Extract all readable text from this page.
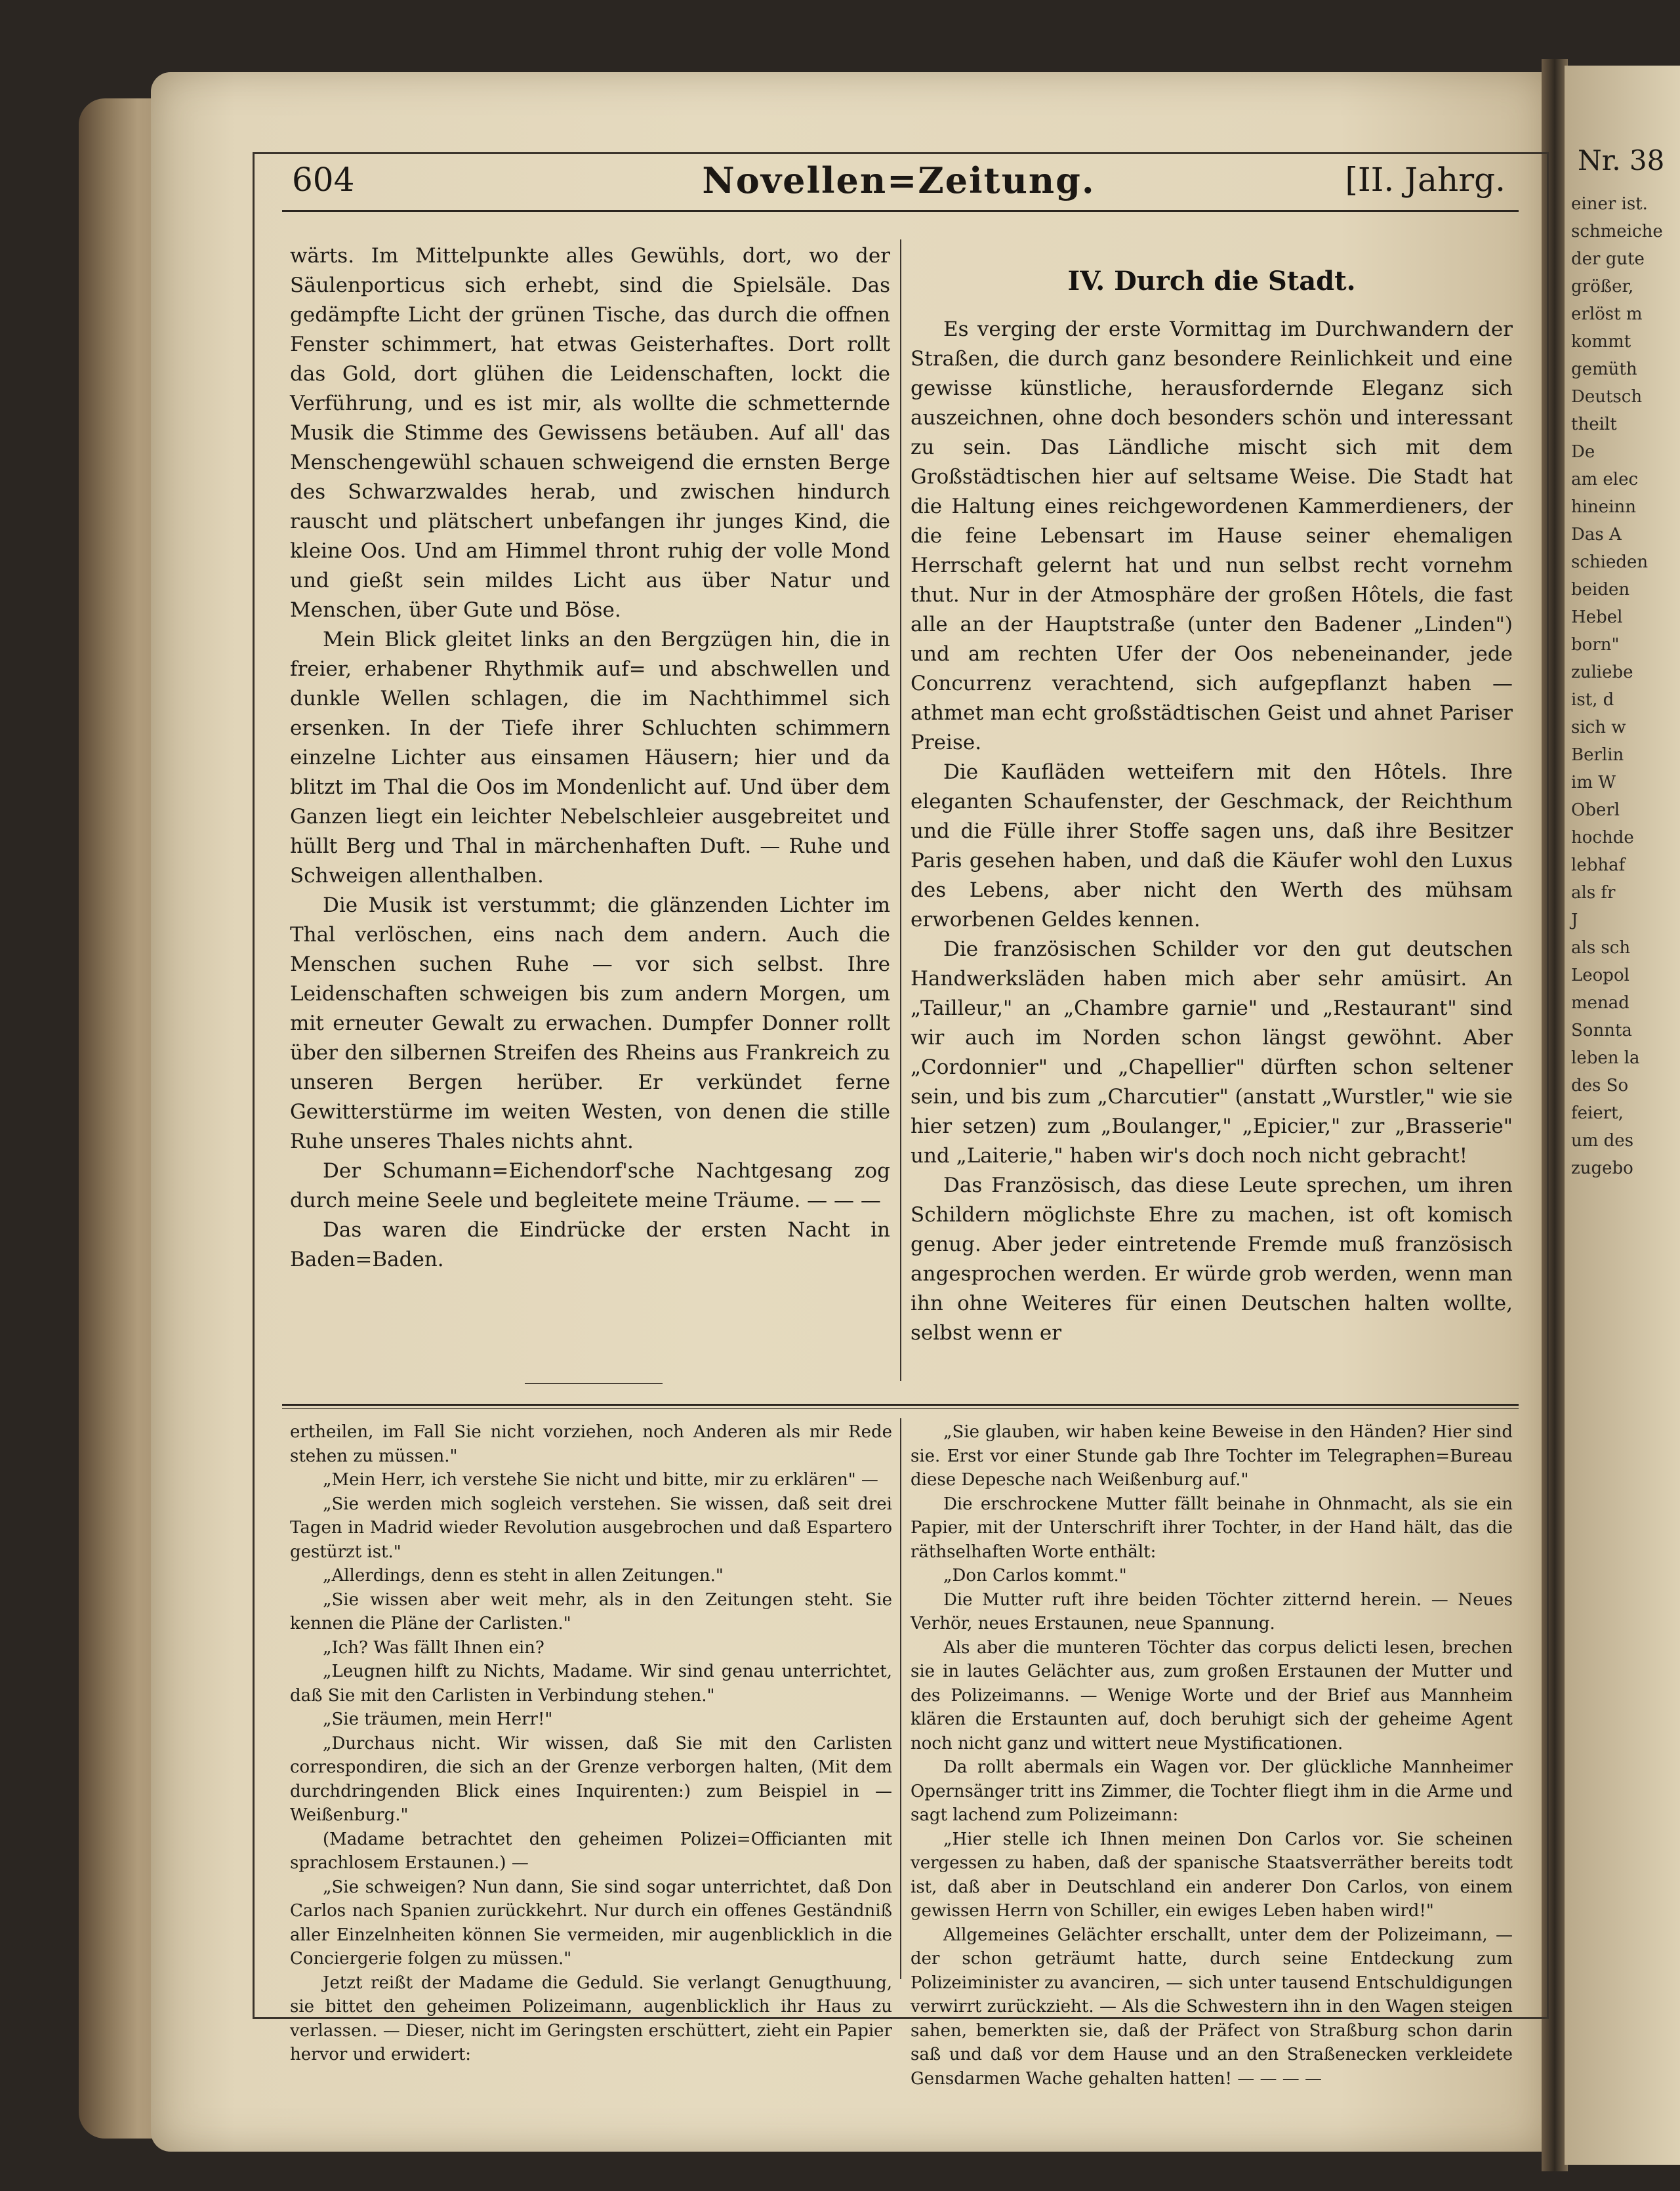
Nr. 38
einer ist.
schmeiche
der gute
größer,
erlöst m
kommt
gemüth
Deutsch
theilt
De
am elec
hineinn
Das A
schieden
beiden
Hebel
born"
zuliebe
ist, d
sich w
Berlin
im W
Oberl
hochde
lebhaf
als fr
J
als sch
Leopol
menad
Sonnta
leben la
des So
feiert,
um des
zugebo
604	Novellen=Zeitung.	[II. Jahrg.

wärts. Im Mittelpunkte alles Gewühls, dort, wo der Säulenporticus sich erhebt, sind die Spielsäle. Das gedämpfte Licht der grünen Tische, das durch die offnen Fenster schimmert, hat etwas Geisterhaftes. Dort rollt das Gold, dort glühen die Leidenschaften, lockt die Verführung, und es ist mir, als wollte die schmetternde Musik die Stimme des Gewissens betäuben. Auf all' das Menschengewühl schauen schweigend die ernsten Berge des Schwarzwaldes herab, und zwischen hindurch rauscht und plätschert unbefangen ihr junges Kind, die kleine Oos. Und am Himmel thront ruhig der volle Mond und gießt sein mildes Licht aus über Natur und Menschen, über Gute und Böse.

Mein Blick gleitet links an den Bergzügen hin, die in freier, erhabener Rhythmik auf= und abschwellen und dunkle Wellen schlagen, die im Nachthimmel sich ersenken. In der Tiefe ihrer Schluchten schimmern einzelne Lichter aus einsamen Häusern; hier und da blitzt im Thal die Oos im Mondenlicht auf. Und über dem Ganzen liegt ein leichter Nebelschleier ausgebreitet und hüllt Berg und Thal in märchenhaften Duft. — Ruhe und Schweigen allenthalben.

Die Musik ist verstummt; die glänzenden Lichter im Thal verlöschen, eins nach dem andern. Auch die Menschen suchen Ruhe — vor sich selbst. Ihre Leidenschaften schweigen bis zum andern Morgen, um mit erneuter Gewalt zu erwachen. Dumpfer Donner rollt über den silbernen Streifen des Rheins aus Frankreich zu unseren Bergen herüber. Er verkündet ferne Gewitterstürme im weiten Westen, von denen die stille Ruhe unseres Thales nichts ahnt.

Der Schumann=Eichendorf'sche Nachtgesang zog durch meine Seele und begleitete meine Träume. — — —

Das waren die Eindrücke der ersten Nacht in Baden=Baden.

IV. Durch die Stadt.

Es verging der erste Vormittag im Durchwandern der Straßen, die durch ganz besondere Reinlichkeit und eine gewisse künstliche, herausfordernde Eleganz sich auszeichnen, ohne doch besonders schön und interessant zu sein. Das Ländliche mischt sich mit dem Großstädtischen hier auf seltsame Weise. Die Stadt hat die Haltung eines reichgewordenen Kammerdieners, der die feine Lebensart im Hause seiner ehemaligen Herrschaft gelernt hat und nun selbst recht vornehm thut. Nur in der Atmosphäre der großen Hôtels, die fast alle an der Hauptstraße (unter den Badener „Linden") und am rechten Ufer der Oos nebeneinander, jede Concurrenz verachtend, sich aufgepflanzt haben — athmet man echt großstädtischen Geist und ahnet Pariser Preise.

Die Kaufläden wetteifern mit den Hôtels. Ihre eleganten Schaufenster, der Geschmack, der Reichthum und die Fülle ihrer Stoffe sagen uns, daß ihre Besitzer Paris gesehen haben, und daß die Käufer wohl den Luxus des Lebens, aber nicht den Werth des mühsam erworbenen Geldes kennen.

Die französischen Schilder vor den gut deutschen Handwerksläden haben mich aber sehr amüsirt. An „Tailleur," an „Chambre garnie" und „Restaurant" sind wir auch im Norden schon längst gewöhnt. Aber „Cordonnier" und „Chapellier" dürften schon seltener sein, und bis zum „Charcutier" (anstatt „Wurstler," wie sie hier setzen) zum „Boulanger," „Epicier," zur „Brasserie" und „Laiterie," haben wir's doch noch nicht gebracht!

Das Französisch, das diese Leute sprechen, um ihren Schildern möglichste Ehre zu machen, ist oft komisch genug. Aber jeder eintretende Fremde muß französisch angesprochen werden. Er würde grob werden, wenn man ihn ohne Weiteres für einen Deutschen halten wollte, selbst wenn er

ertheilen, im Fall Sie nicht vorziehen, noch Anderen als mir Rede stehen zu müssen."

„Mein Herr, ich verstehe Sie nicht und bitte, mir zu erklären" —

„Sie werden mich sogleich verstehen. Sie wissen, daß seit drei Tagen in Madrid wieder Revolution ausgebrochen und daß Espartero gestürzt ist."

„Allerdings, denn es steht in allen Zeitungen."

„Sie wissen aber weit mehr, als in den Zeitungen steht. Sie kennen die Pläne der Carlisten."

„Ich? Was fällt Ihnen ein?

„Leugnen hilft zu Nichts, Madame. Wir sind genau unterrichtet, daß Sie mit den Carlisten in Verbindung stehen."

„Sie träumen, mein Herr!"

„Durchaus nicht. Wir wissen, daß Sie mit den Carlisten correspondiren, die sich an der Grenze verborgen halten, (Mit dem durchdringenden Blick eines Inquirenten:) zum Beispiel in — Weißenburg."

(Madame betrachtet den geheimen Polizei=Officianten mit sprachlosem Erstaunen.) —

„Sie schweigen? Nun dann, Sie sind sogar unterrichtet, daß Don Carlos nach Spanien zurückkehrt. Nur durch ein offenes Geständniß aller Einzelnheiten können Sie vermeiden, mir augenblicklich in die Conciergerie folgen zu müssen."

Jetzt reißt der Madame die Geduld. Sie verlangt Genugthuung, sie bittet den geheimen Polizeimann, augenblicklich ihr Haus zu verlassen. — Dieser, nicht im Geringsten erschüttert, zieht ein Papier hervor und erwidert:

„Sie glauben, wir haben keine Beweise in den Händen? Hier sind sie. Erst vor einer Stunde gab Ihre Tochter im Telegraphen=Bureau diese Depesche nach Weißenburg auf."

Die erschrockene Mutter fällt beinahe in Ohnmacht, als sie ein Papier, mit der Unterschrift ihrer Tochter, in der Hand hält, das die räthselhaften Worte enthält:

„Don Carlos kommt."

Die Mutter ruft ihre beiden Töchter zitternd herein. — Neues Verhör, neues Erstaunen, neue Spannung.

Als aber die munteren Töchter das corpus delicti lesen, brechen sie in lautes Gelächter aus, zum großen Erstaunen der Mutter und des Polizeimanns. — Wenige Worte und der Brief aus Mannheim klären die Erstaunten auf, doch beruhigt sich der geheime Agent noch nicht ganz und wittert neue Mystificationen.

Da rollt abermals ein Wagen vor. Der glückliche Mannheimer Opernsänger tritt ins Zimmer, die Tochter fliegt ihm in die Arme und sagt lachend zum Polizeimann:

„Hier stelle ich Ihnen meinen Don Carlos vor. Sie scheinen vergessen zu haben, daß der spanische Staatsverräther bereits todt ist, daß aber in Deutschland ein anderer Don Carlos, von einem gewissen Herrn von Schiller, ein ewiges Leben haben wird!"

Allgemeines Gelächter erschallt, unter dem der Polizeimann, — der schon geträumt hatte, durch seine Entdeckung zum Polizeiminister zu avanciren, — sich unter tausend Entschuldigungen verwirrt zurückzieht. — Als die Schwestern ihn in den Wagen steigen sahen, bemerkten sie, daß der Präfect von Straßburg schon darin saß und daß vor dem Hause und an den Straßenecken verkleidete Gensdarmen Wache gehalten hatten! — — — —
